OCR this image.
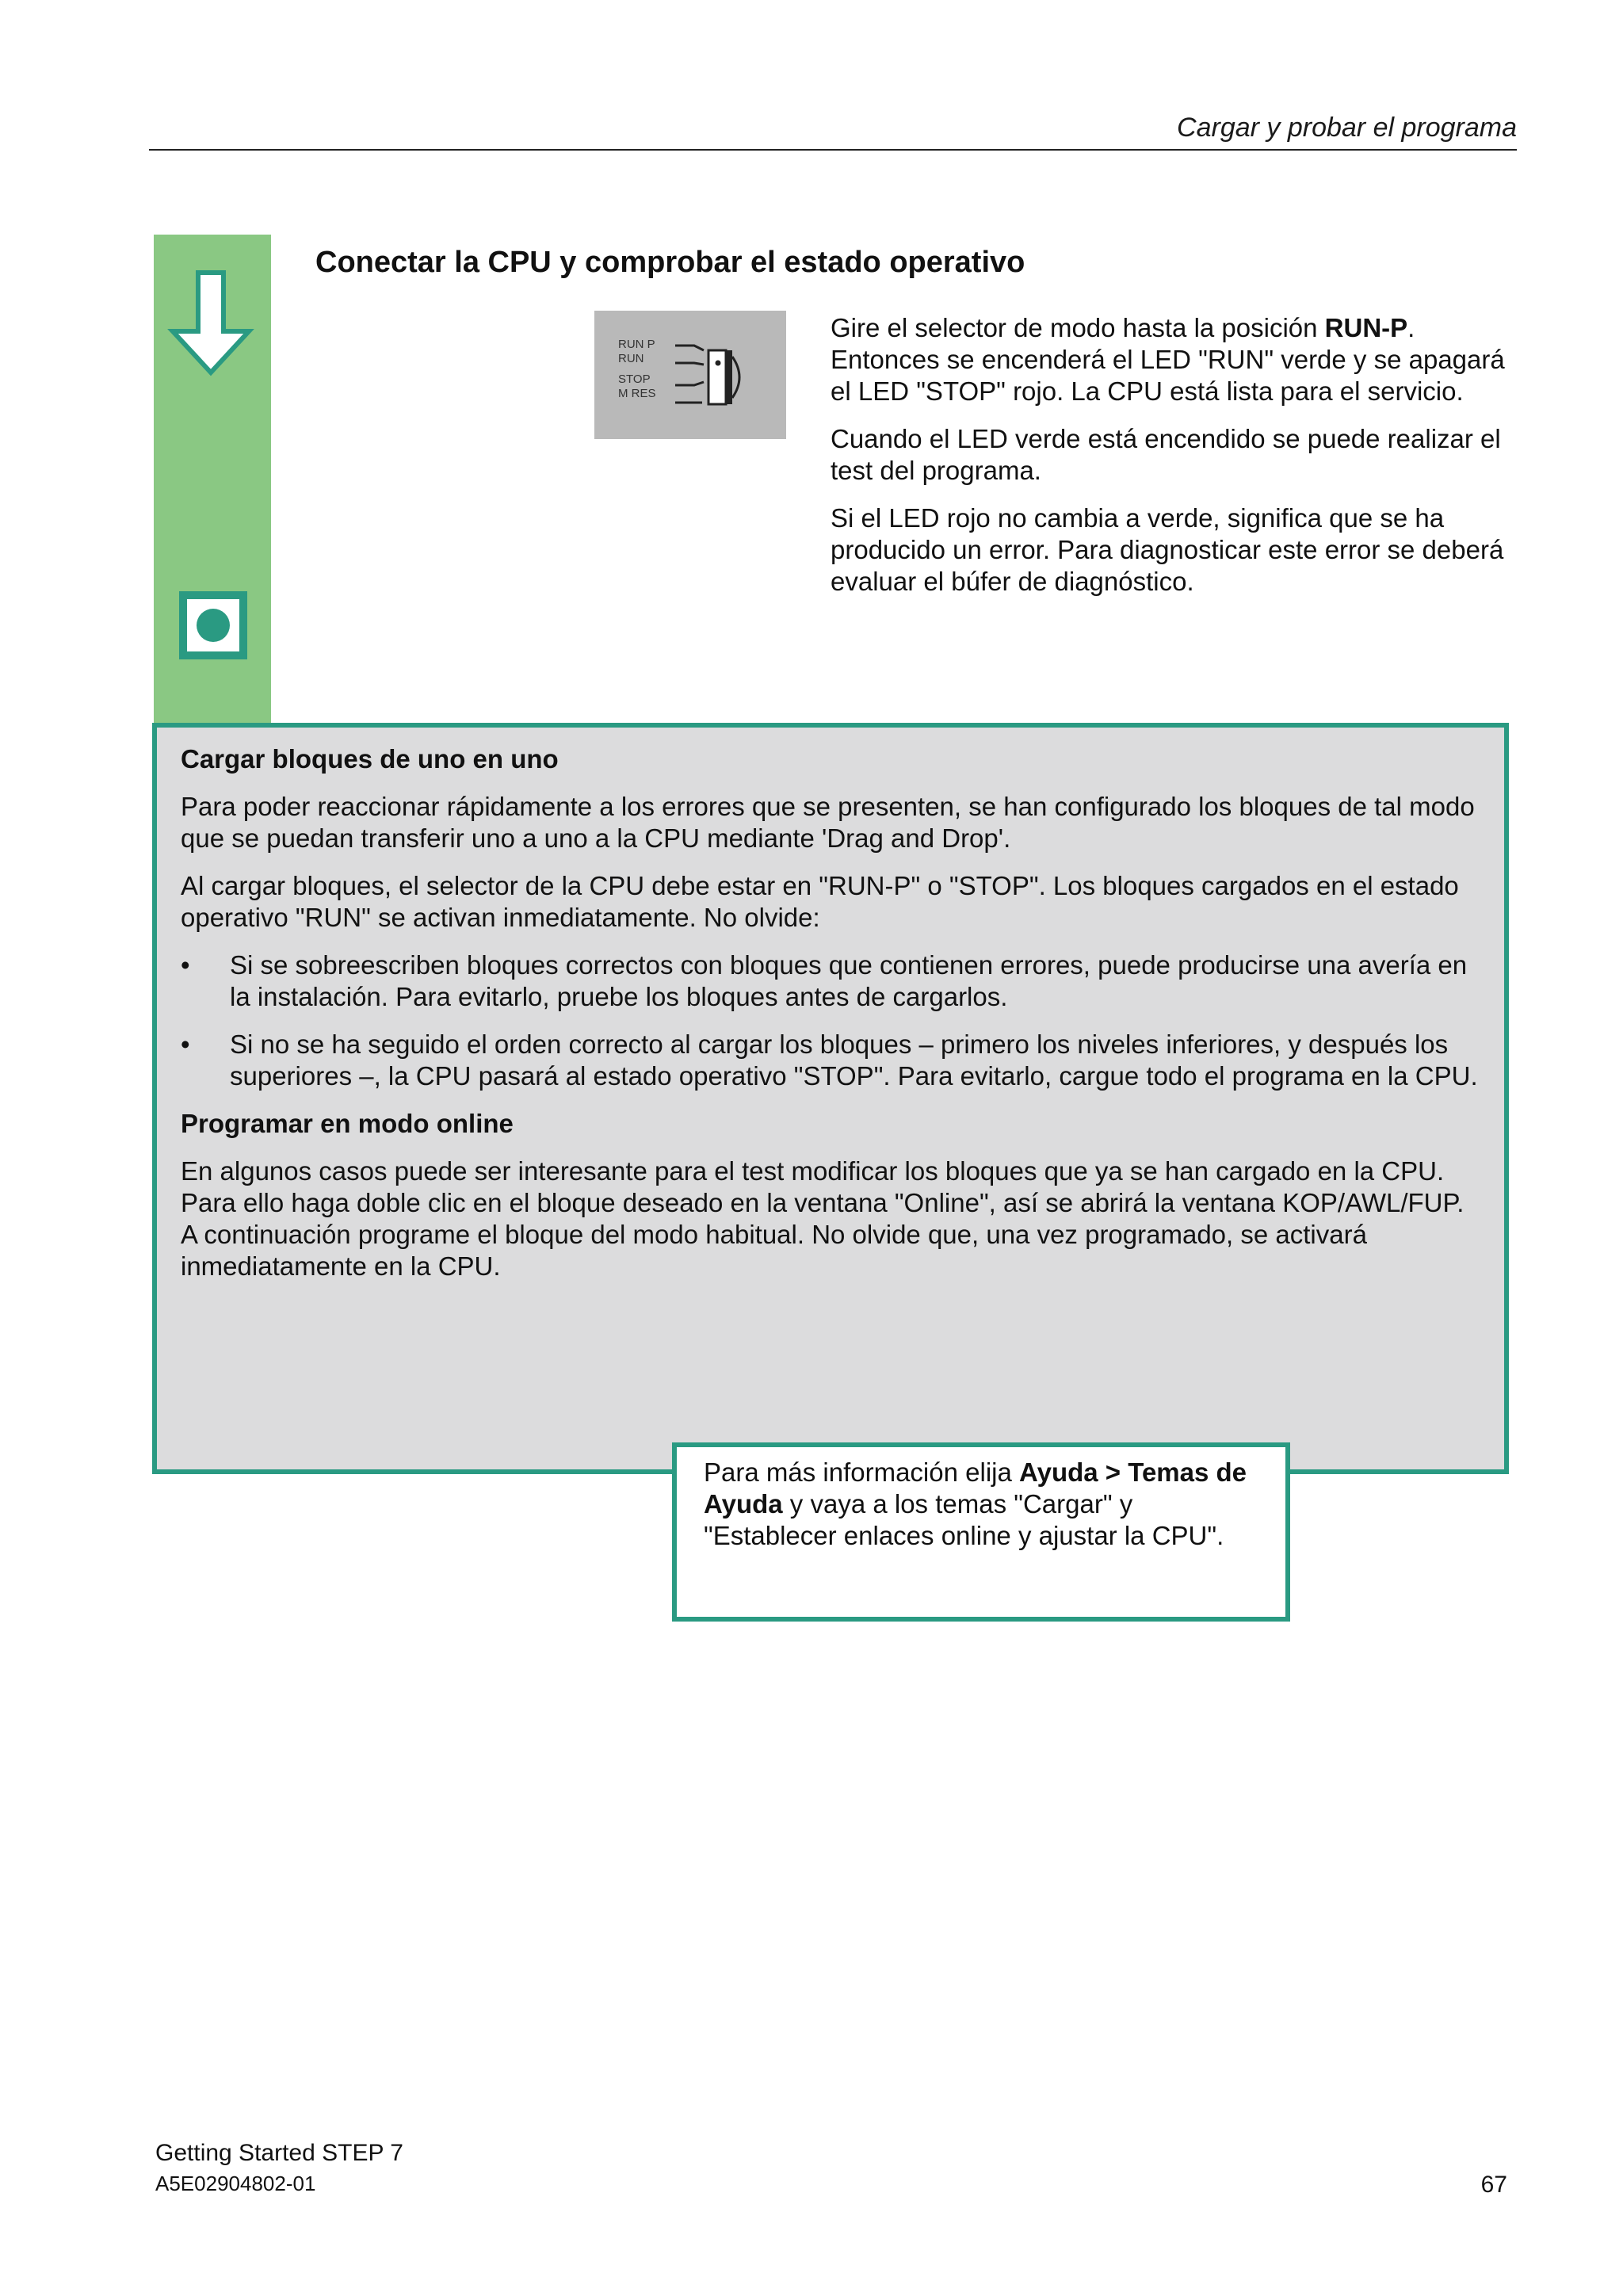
Cargar y probar el programa
Conectar la CPU y comprobar el estado operativo
RUN P
RUN
STOP
M RES

Gire el selector de modo hasta la posición RUN-P. Entonces se encenderá el LED "RUN" verde y se apagará el LED "STOP" rojo. La CPU está lista para el servicio.

Cuando el LED verde está encendido se puede realizar el test del programa.

Si el LED rojo no cambia a verde, significa que se ha producido un error. Para diagnosticar este error se deberá evaluar el búfer de diagnóstico.

Cargar bloques de uno en uno

Para poder reaccionar rápidamente a los errores que se presenten, se han configurado los bloques de tal modo que se puedan transferir uno a uno a la CPU mediante 'Drag and Drop'.

Al cargar bloques, el selector de la CPU debe estar en "RUN-P" o "STOP". Los bloques cargados en el estado operativo "RUN" se activan inmediatamente. No olvide:

• Si se sobreescriben bloques correctos con bloques que contienen errores, puede producirse una avería en la instalación. Para evitarlo, pruebe los bloques antes de cargarlos.
• Si no se ha seguido el orden correcto al cargar los bloques – primero los niveles inferiores, y después los superiores –, la CPU pasará al estado operativo "STOP". Para evitarlo, cargue todo el programa en la CPU.
Programar en modo online

En algunos casos puede ser interesante para el test modificar los bloques que ya se han cargado en la CPU. Para ello haga doble clic en el bloque deseado en la ventana "Online", así se abrirá la ventana KOP/AWL/FUP. A continuación programe el bloque del modo habitual. No olvide que, una vez programado, se activará inmediatamente en la CPU.

Para más información elija Ayuda > Temas de Ayuda y vaya a los temas "Cargar" y "Establecer enlaces online y ajustar la CPU".
Getting Started STEP 7
A5E02904802-01	67
